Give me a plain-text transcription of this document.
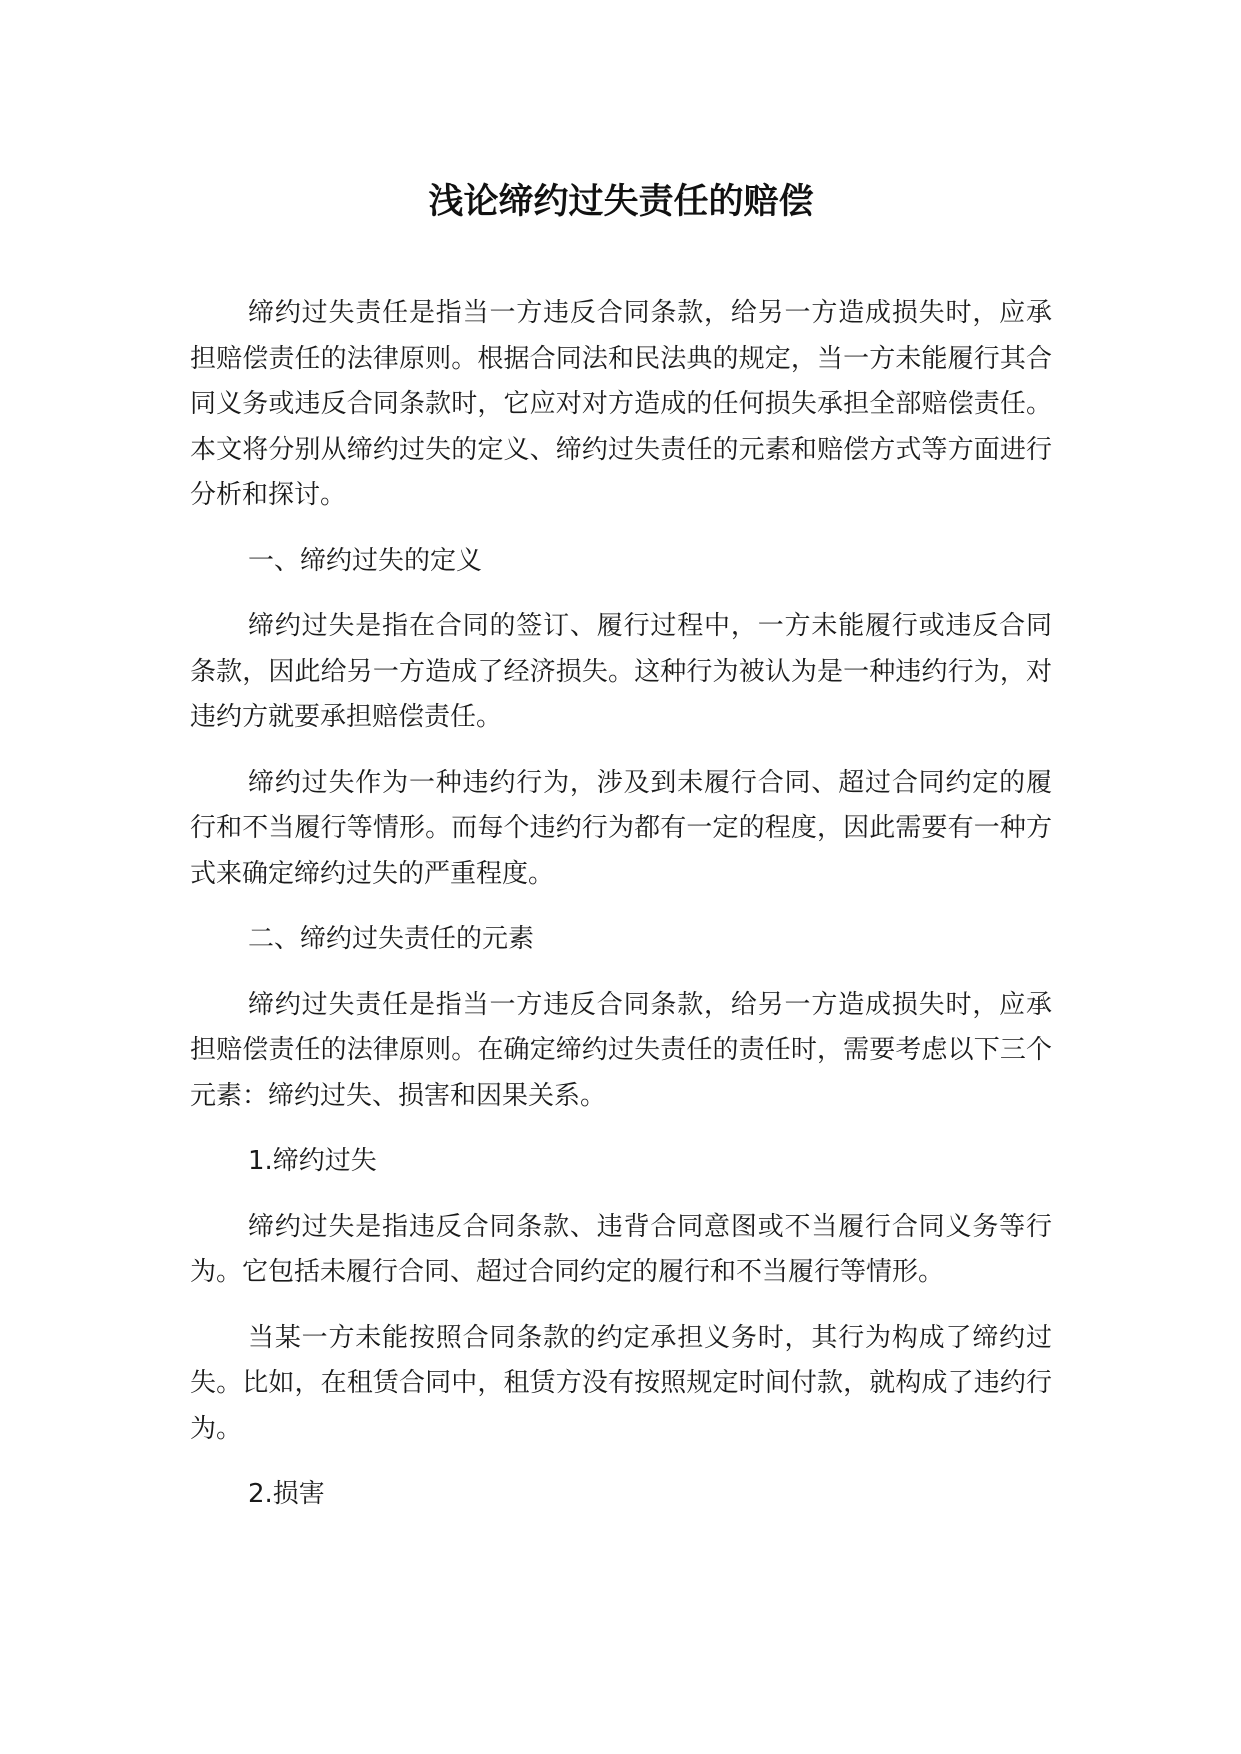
浅论缔约过失责任的赔偿

缔约过失责任是指当一方违反合同条款，给另一方造成损失时，应承担赔偿责任的法律原则。根据合同法和民法典的规定，当一方未能履行其合同义务或违反合同条款时，它应对对方造成的任何损失承担全部赔偿责任。本文将分别从缔约过失的定义、缔约过失责任的元素和赔偿方式等方面进行分析和探讨。

一、缔约过失的定义

缔约过失是指在合同的签订、履行过程中，一方未能履行或违反合同条款，因此给另一方造成了经济损失。这种行为被认为是一种违约行为，对违约方就要承担赔偿责任。

缔约过失作为一种违约行为，涉及到未履行合同、超过合同约定的履行和不当履行等情形。而每个违约行为都有一定的程度，因此需要有一种方式来确定缔约过失的严重程度。

二、缔约过失责任的元素

缔约过失责任是指当一方违反合同条款，给另一方造成损失时，应承担赔偿责任的法律原则。在确定缔约过失责任的责任时，需要考虑以下三个元素：缔约过失、损害和因果关系。

1.缔约过失

缔约过失是指违反合同条款、违背合同意图或不当履行合同义务等行为。它包括未履行合同、超过合同约定的履行和不当履行等情形。

当某一方未能按照合同条款的约定承担义务时，其行为构成了缔约过失。比如，在租赁合同中，租赁方没有按照规定时间付款，就构成了违约行为。

2.损害
